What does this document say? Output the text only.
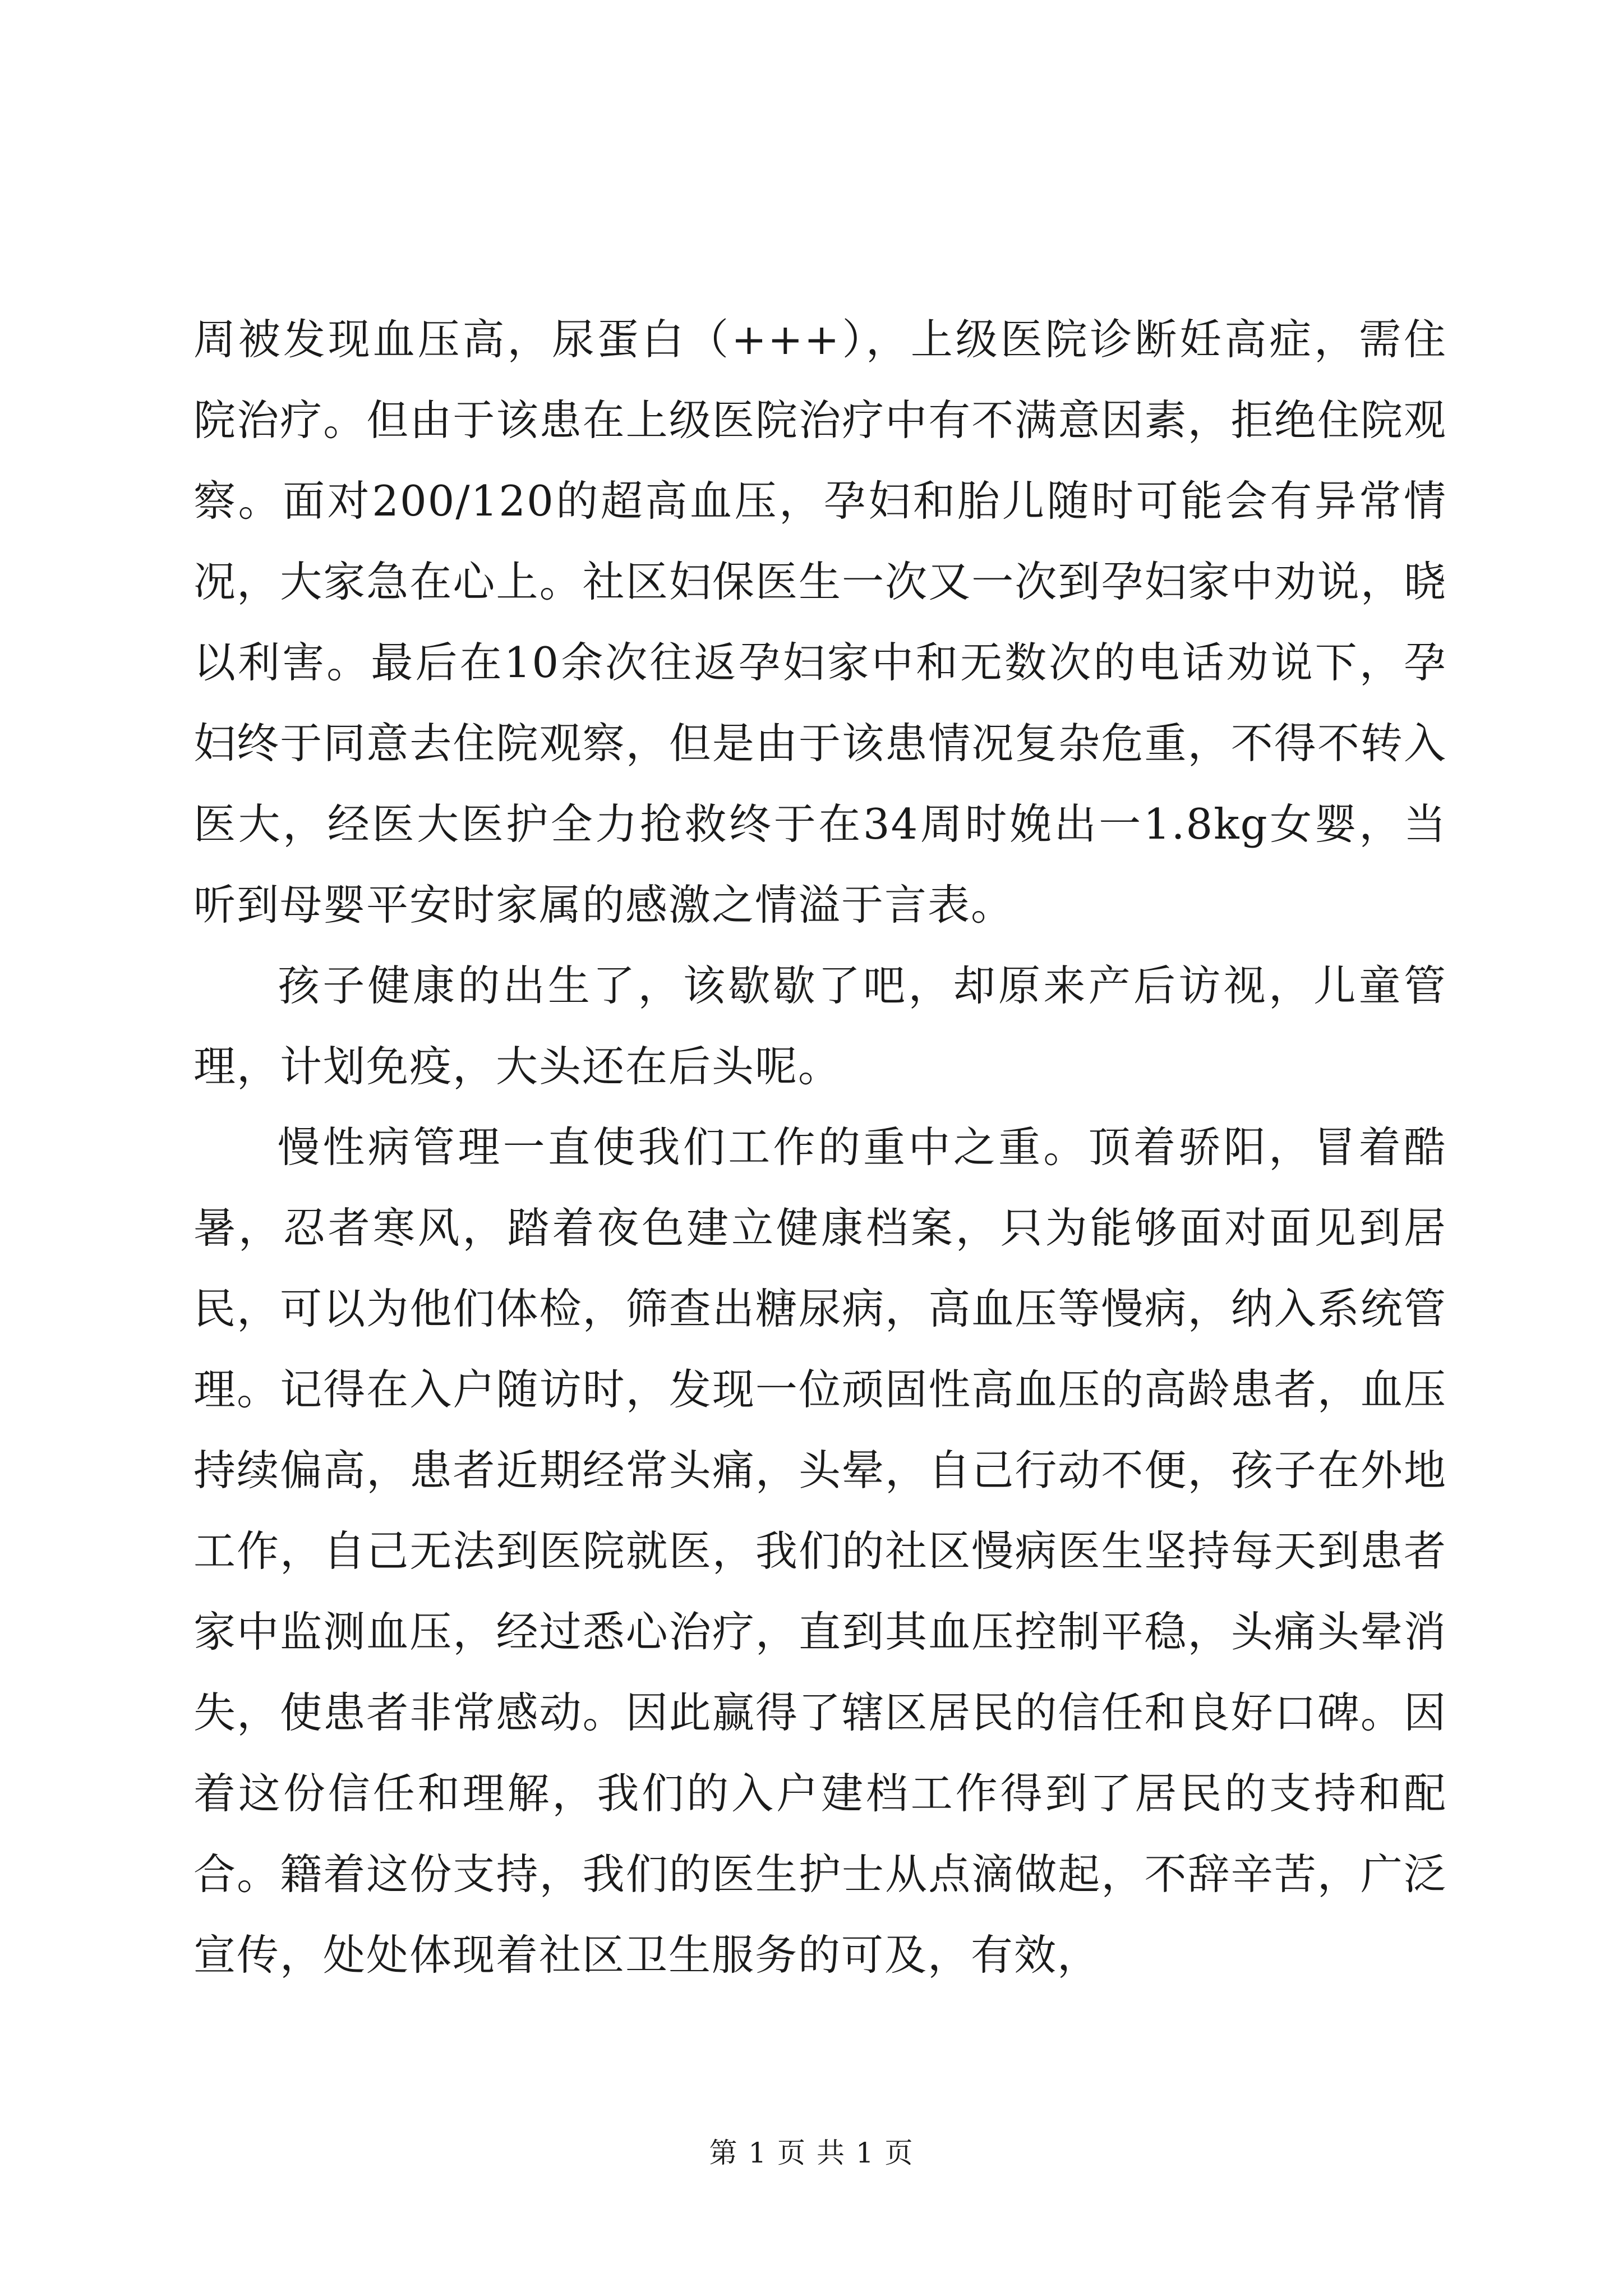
周被发现血压高，尿蛋白（+++），上级医院诊断妊高症，需住院治疗。但由于该患在上级医院治疗中有不满意因素，拒绝住院观察。面对200/120的超高血压，孕妇和胎儿随时可能会有异常情况，大家急在心上。社区妇保医生一次又一次到孕妇家中劝说，晓以利害。最后在10余次往返孕妇家中和无数次的电话劝说下，孕妇终于同意去住院观察，但是由于该患情况复杂危重，不得不转入医大，经医大医护全力抢救终于在34周时娩出一1.8kg女婴，当听到母婴平安时家属的感激之情溢于言表。

孩子健康的出生了，该歇歇了吧，却原来产后访视，儿童管理，计划免疫，大头还在后头呢。

慢性病管理一直使我们工作的重中之重。顶着骄阳，冒着酷暑，忍者寒风，踏着夜色建立健康档案，只为能够面对面见到居民，可以为他们体检，筛查出糖尿病，高血压等慢病，纳入系统管理。记得在入户随访时，发现一位顽固性高血压的高龄患者，血压持续偏高，患者近期经常头痛，头晕，自己行动不便，孩子在外地工作，自己无法到医院就医，我们的社区慢病医生坚持每天到患者家中监测血压，经过悉心治疗，直到其血压控制平稳，头痛头晕消失，使患者非常感动。因此赢得了辖区居民的信任和良好口碑。因着这份信任和理解，我们的入户建档工作得到了居民的支持和配合。籍着这份支持，我们的医生护士从点滴做起，不辞辛苦，广泛宣传，处处体现着社区卫生服务的可及，有效，

第 1 页 共 1 页
